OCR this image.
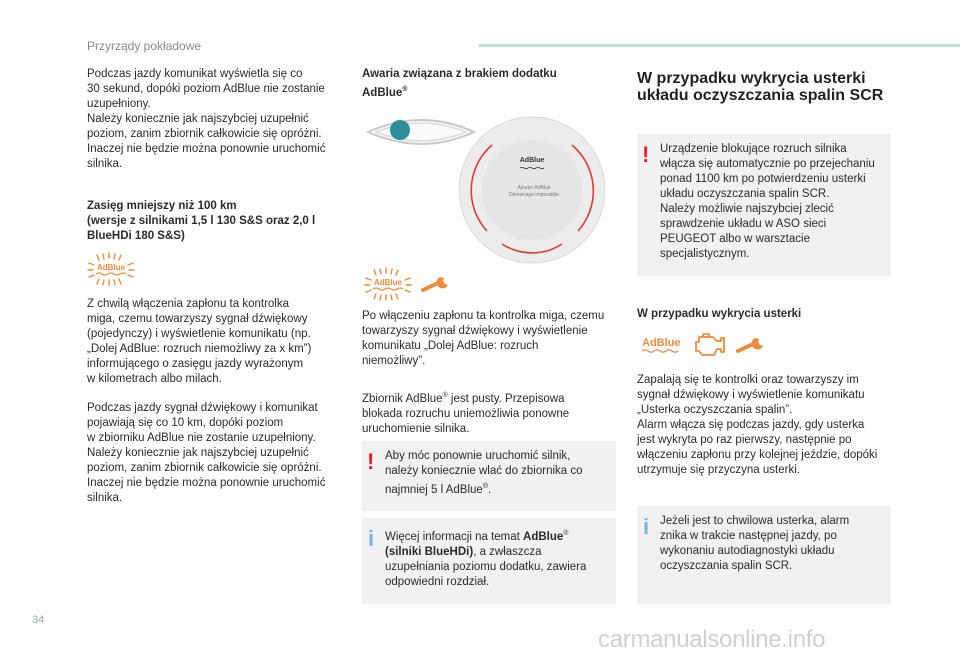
Przyrządy pokładowe

Podczas jazdy komunikat wyświetla się co
30 sekund, dopóki poziom AdBlue nie zostanie
uzupełniony.
Należy koniecznie jak najszybciej uzupełnić
poziom, zanim zbiornik całkowicie się opróżni.
Inaczej nie będzie można ponownie uruchomić
silnika.

Zasięg mniejszy niż 100 km
(wersje z silnikami 1,5 l 130 S&S oraz 2,0 l
BlueHDi 180 S&S)
AdBlue

Z chwilą włączenia zapłonu ta kontrolka
miga, czemu towarzyszy sygnał dźwiękowy
(pojedynczy) i wyświetlenie komunikatu (np.
„Dolej AdBlue: rozruch niemożliwy za x km”)
informującego o zasięgu jazdy wyrażonym
w kilometrach albo milach.

Podczas jazdy sygnał dźwiękowy i komunikat
pojawiają się co 10 km, dopóki poziom
w zbiorniku AdBlue nie zostanie uzupełniony.
Należy koniecznie jak najszybciej uzupełnić
poziom, zanim zbiornik całkowicie się opróżni.
Inaczej nie będzie można ponownie uruchomić
silnika.

Awaria związana z brakiem dodatku
AdBlue®
AdBlue
Ajouter AdBlue
Démarrage impossible
AdBlue

Po włączeniu zapłonu ta kontrolka miga, czemu
towarzyszy sygnał dźwiękowy i wyświetlenie
komunikatu „Dolej AdBlue: rozruch
niemożliwy”.

Zbiornik AdBlue® jest pusty. Przepisowa
blokada rozruchu uniemożliwia ponowne
uruchomienie silnika.

! Aby móc ponownie uruchomić silnik,
należy koniecznie wlać do zbiornika co
najmniej 5 l AdBlue®.

i Więcej informacji na temat AdBlue®
(silniki BlueHDi), a zwłaszcza
uzupełniania poziomu dodatku, zawiera
odpowiedni rozdział.

W przypadku wykrycia usterki
układu oczyszczania spalin SCR
! Urządzenie blokujące rozruch silnika
włącza się automatycznie po przejechaniu
ponad 1100 km po potwierdzeniu usterki
układu oczyszczania spalin SCR.
Należy możliwie najszybciej zlecić
sprawdzenie układu w ASO sieci
PEUGEOT albo w warsztacie
specjalistycznym.

W przypadku wykrycia usterki
AdBlue

Zapalają się te kontrolki oraz towarzyszy im
sygnał dźwiękowy i wyświetlenie komunikatu
„Usterka oczyszczania spalin”.
Alarm włącza się podczas jazdy, gdy usterka
jest wykryta po raz pierwszy, następnie po
włączeniu zapłonu przy kolejnej jeździe, dopóki
utrzymuje się przyczyna usterki.

i Jeżeli jest to chwilowa usterka, alarm
znika w trakcie następnej jazdy, po
wykonaniu autodiagnostyki układu
oczyszczania spalin SCR.

34
carmanualsonline.info
